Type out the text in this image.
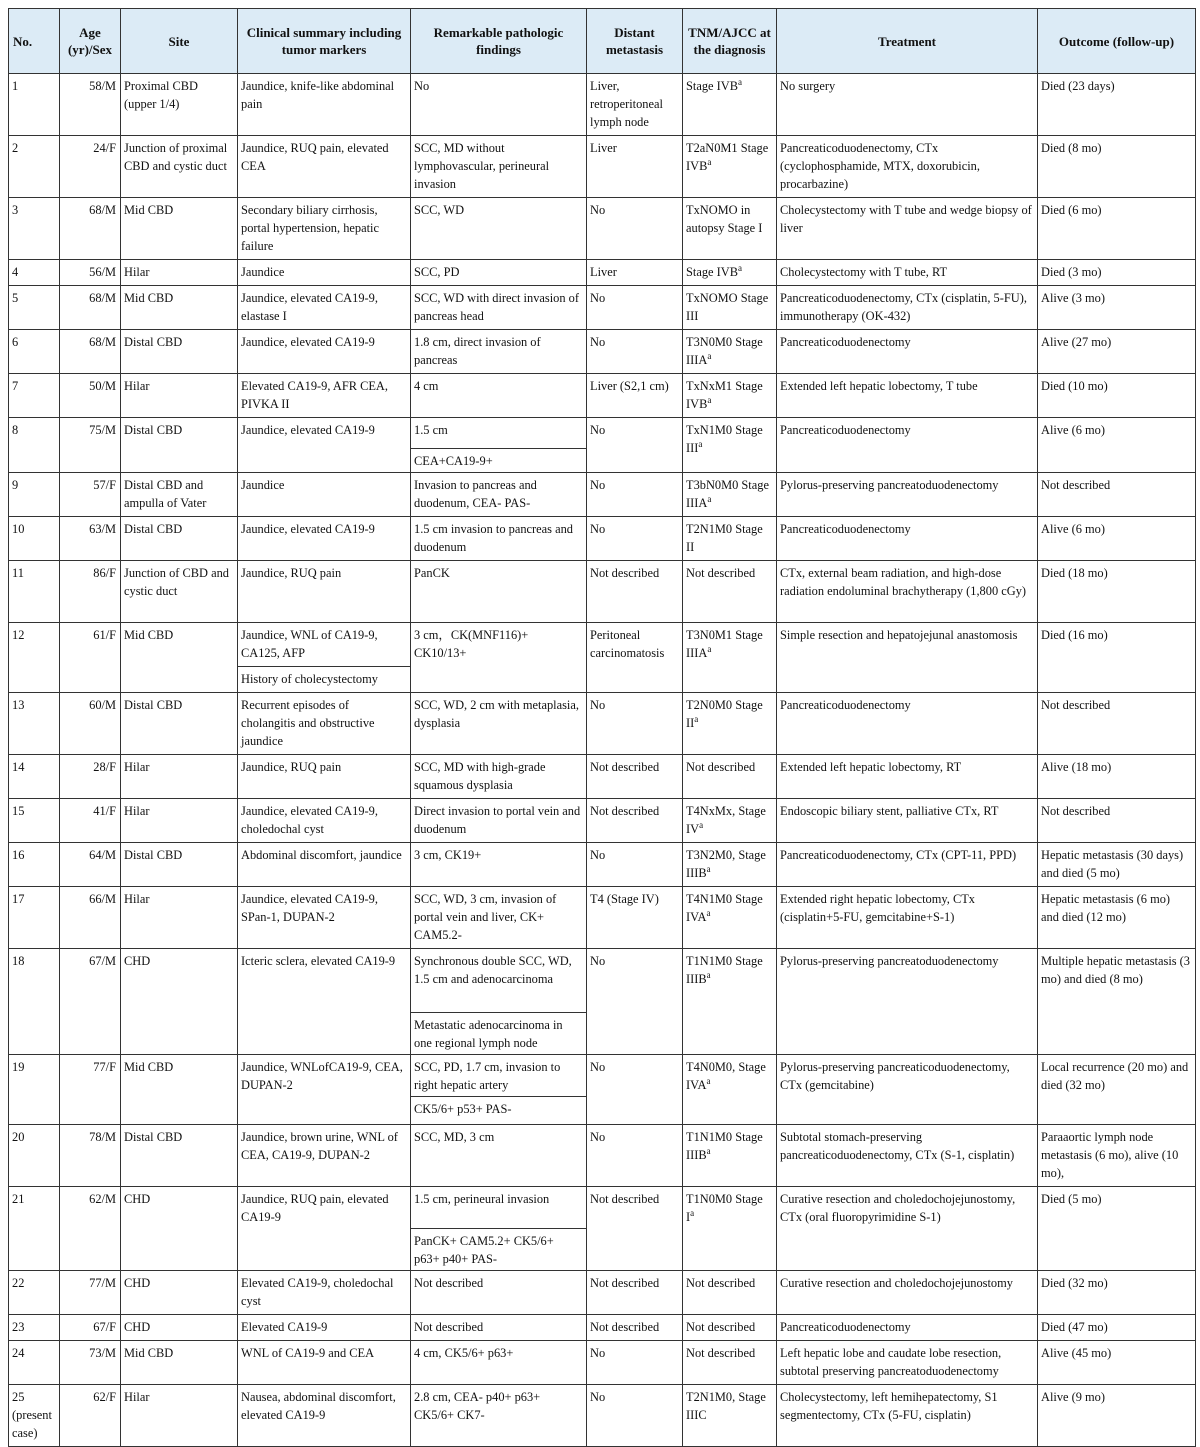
No.	Age (yr)/Sex	Site	Clinical summary including tumor markers	Remarkable pathologic findings	Distant metastasis	TNM/AJCC at the diagnosis	Treatment	Outcome (follow-up)
1	58/M	Proximal CBD (upper 1/4)	Jaundice, knife-like abdominal pain	No	Liver, retroperitoneal lymph node	Stage IVB$^a$	No surgery	Died (23 days)
2	24/F	Junction of proximal CBD and cystic duct	Jaundice, RUQ pain, elevated CEA	SCC, MD without lymphovascular, perineural invasion	Liver	T2aN0M1 Stage IVB$^a$	Pancreaticoduodenectomy, CTx (cyclophosphamide, MTX, doxorubicin, procarbazine)	Died (8 mo)
3	68/M	Mid CBD	Secondary biliary cirrhosis, portal hypertension, hepatic failure	SCC, WD	No	TxNOMO in autopsy Stage I	Cholecystectomy with T tube and wedge biopsy of liver	Died (6 mo)
4	56/M	Hilar	Jaundice	SCC, PD	Liver	Stage IVB$^a$	Cholecystectomy with T tube, RT	Died (3 mo)
5	68/M	Mid CBD	Jaundice, elevated CA19-9, elastase I	SCC, WD with direct invasion of pancreas head	No	TxNOMO Stage III	Pancreaticoduodenectomy, CTx (cisplatin, 5-FU), immunotherapy (OK-432)	Alive (3 mo)
6	68/M	Distal CBD	Jaundice, elevated CA19-9	1.8 cm, direct invasion of pancreas	No	T3N0M0 Stage IIIA$^a$	Pancreaticoduodenectomy	Alive (27 mo)
7	50/M	Hilar	Elevated CA19-9, AFR CEA, PIVKA II	4 cm	Liver (S2,1 cm)	TxNxM1 Stage IVB$^a$	Extended left hepatic lobectomy, T tube	Died (10 mo)
8	75/M	Distal CBD	Jaundice, elevated CA19-9	1.5 cm	No	TxN1M0 Stage III$^a$	Pancreaticoduodenectomy	Alive (6 mo)
				CEA+CA19-9+				
9	57/F	Distal CBD and ampulla of Vater	Jaundice	Invasion to pancreas and duodenum, CEA- PAS-	No	T3bN0M0 Stage IIIA$^a$	Pylorus-preserving pancreatoduodenectomy	Not described
10	63/M	Distal CBD	Jaundice, elevated CA19-9	1.5 cm invasion to pancreas and duodenum	No	T2N1M0 Stage II	Pancreaticoduodenectomy	Alive (6 mo)
11	86/F	Junction of CBD and cystic duct	Jaundice, RUQ pain	PanCK	Not described	Not described	CTx, external beam radiation, and high-dose radiation endoluminal brachytherapy (1,800 cGy)	Died (18 mo)
12	61/F	Mid CBD	Jaundice, WNL of CA19-9, CA125, AFP	3 cm，CK(MNF116)+ CK10/13+	Peritoneal carcinomatosis	T3N0M1 Stage IIIA$^a$	Simple resection and hepatojejunal anastomosis	Died (16 mo)
			History of cholecystectomy					
13	60/M	Distal CBD	Recurrent episodes of cholangitis and obstructive jaundice	SCC, WD, 2 cm with metaplasia, dysplasia	No	T2N0M0 Stage $II^a$	Pancreaticoduodenectomy	Not described
14	28/F	Hilar	Jaundice, RUQ pain	SCC, MD with high-grade squamous dysplasia	Not described	Not described	Extended left hepatic lobectomy, RT	Alive (18 mo)
15	41/F	Hilar	Jaundice, elevated CA19-9, choledochal cyst	Direct invasion to portal vein and duodenum	Not described	T4NxMx, Stage $IV^a$	Endoscopic biliary stent, palliative CTx, RT	Not described
16	64/M	Distal CBD	Abdominal discomfort, jaundice	3 cm, CK19+	No	T3N2M0, Stage IIIB$^a$	Pancreaticoduodenectomy, CTx (CPT-11, PPD)	Hepatic metastasis (30 days) and died (5 mo)
17	66/M	Hilar	Jaundice, elevated CA19-9, SPan-1, DUPAN-2	SCC, WD, 3 cm, invasion of portal vein and liver, CK+ CAM5.2-	T4 (Stage IV)	T4N1M0 Stage IVA$^a$	Extended right hepatic lobectomy, CTx (cisplatin+5-FU, gemcitabine+S-1)	Hepatic metastasis (6 mo) and died (12 mo)
18	67/M	CHD	Icteric sclera, elevated CA19-9	Synchronous double SCC, WD, 1.5 cm and adenocarcinoma	No	T1N1M0 Stage IIIB$^a$	Pylorus-preserving pancreatoduodenectomy	Multiple hepatic metastasis (3 mo) and died (8 mo)
				Metastatic adenocarcinoma in one regional lymph node				
19	77/F	Mid CBD	Jaundice, WNLofCA19-9, CEA, DUPAN-2	SCC, PD, 1.7 cm, invasion to right hepatic artery	No	T4N0M0, Stage IVA$^a$	Pylorus-preserving pancreaticoduodenectomy, CTx (gemcitabine)	Local recurrence (20 mo) and died (32 mo)
				CK5/6+ p53+ PAS-				
20	78/M	Distal CBD	Jaundice, brown urine, WNL of CEA, CA19-9, DUPAN-2	SCC, MD, 3 cm	No	T1N1M0 Stage IIIB$^a$	Subtotal stomach-preserving pancreaticoduodenectomy, CTx (S-1, cisplatin)	Paraaortic lymph node metastasis (6 mo), alive (10 mo),
21	62/M	CHD	Jaundice, RUQ pain, elevated CA19-9	1.5 cm, perineural invasion	Not described	T1N0M0 Stage $I^a$	Curative resection and choledochojejunostomy, CTx (oral fluoropyrimidine S-1)	Died (5 mo)
				PanCK+ CAM5.2+ CK5/6+ p63+ p40+ PAS-				
22	77/M	CHD	Elevated CA19-9, choledochal cyst	Not described	Not described	Not described	Curative resection and choledochojejunostomy	Died (32 mo)
23	67/F	CHD	Elevated CA19-9	Not described	Not described	Not described	Pancreaticoduodenectomy	Died (47 mo)
24	73/M	Mid CBD	WNL of CA19-9 and CEA	4 cm, CK5/6+ p63+	No	Not described	Left hepatic lobe and caudate lobe resection, subtotal preserving pancreatoduodenectomy	Alive (45 mo)
25 (present case)	62/F	Hilar	Nausea, abdominal discomfort, elevated CA19-9	2.8 cm, CEA- p40+ p63+ CK5/6+ CK7-	No	T2N1M0, Stage IIIC	Cholecystectomy, left hemihepatectomy, S1 segmentectomy, CTx (5-FU, cisplatin)	Alive (9 mo)
